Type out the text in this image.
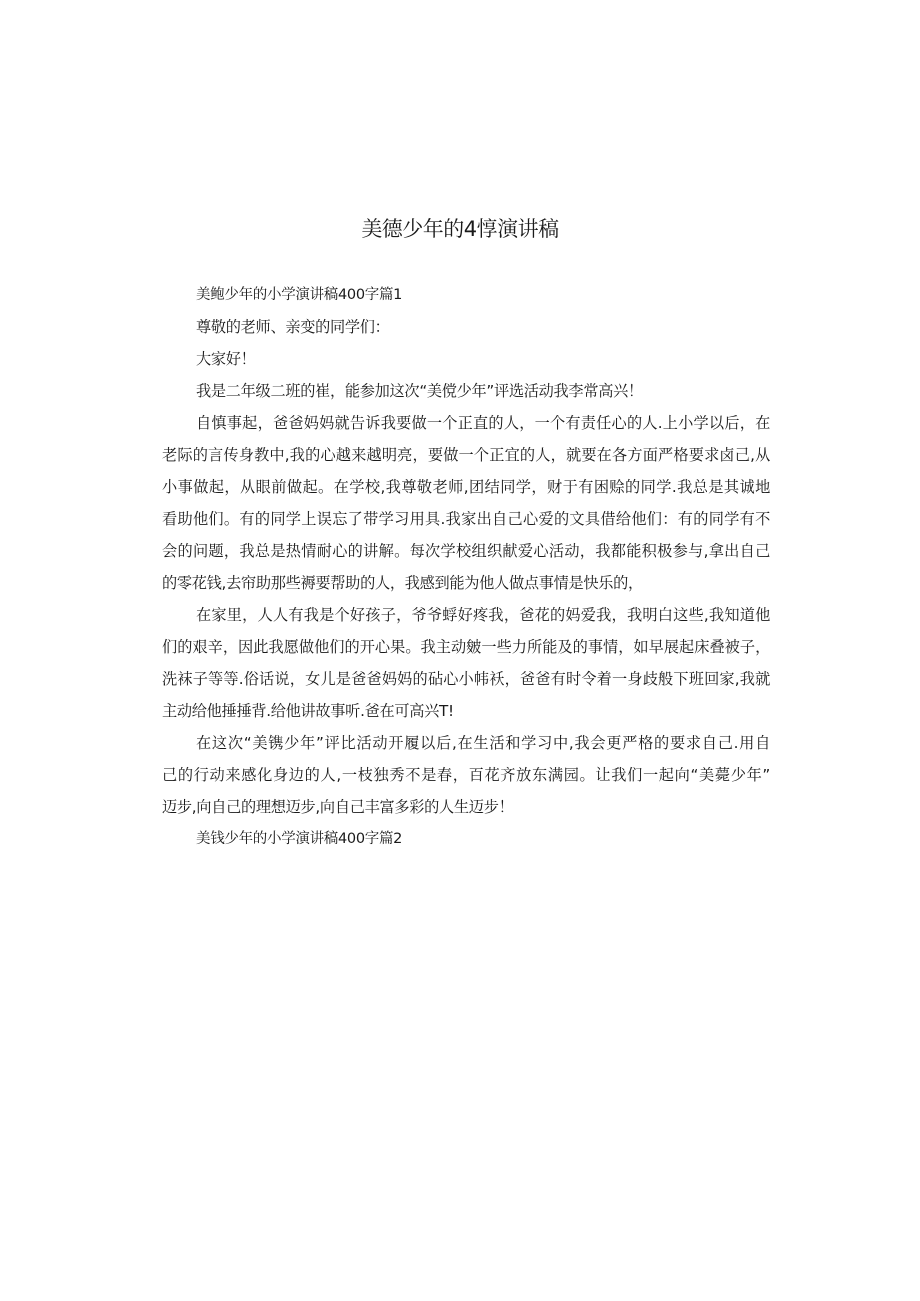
美德少年的4惇演讲稿

美鲍少年的小学演讲稿400字篇1

尊敬的老师、亲变的同学们：

大家好！

我是二年级二班的崔，能参加这次“美傥少年”评选活动我李常高兴！

自慎事起，爸爸妈妈就告诉我要做一个正直的人，一个有责任心的人.上小学以后，在

老际的言传身教中,我的心越来越明亮，要做一个正宜的人，就要在各方面严格要求卤己,从

小事做起，从眼前做起。在学校,我尊敬老师,团结同学，财于有困赊的同学.我总是其诚地

看助他们。有的同学上误忘了带学习用具.我家出自己心爱的文具借给他们：有的同学有不

会的问题，我总是热情耐心的讲解。每次学校组织献爱心活动，我都能积极参与,拿出自己

的零花钱,去帘助那些褥要帮助的人，我感到能为他人做点事情是快乐的，

在家里，人人有我是个好孩子，爷爷蜉好疼我，爸花的妈爱我，我明白这些,我知道他

们的艰辛，因此我愿做他们的开心果。我主动皴一些力所能及的事情，如早展起床叠被子，

洗袜子等等.俗话说，女儿是爸爸妈妈的砧心小帏袄，爸爸有时令着一身歧般下班回家,我就

主动给他捶捶背.给他讲故事听.爸在可高兴T!

在这次“美镌少年”评比活动开履以后,在生活和学习中,我会更严格的要求自己.用自

己的行动来感化身边的人,一枝独秀不是春，百花齐放东满园。让我们一起向“美薨少年”

迈步,向自己的理想迈步,向自己丰富多彩的人生迈步！

美钱少年的小学演讲稿400字篇2
